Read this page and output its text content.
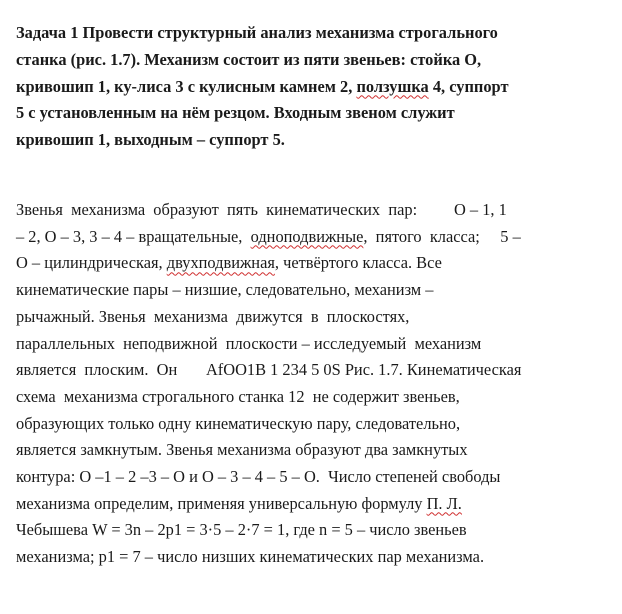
Задача 1 Провести структурный анализ механизма строгального
станка (рис. 1.7). Механизм состоит из пяти звеньев: стойка О,
кривошип 1, ку-лиса 3 с кулисным камнем 2, ползушка 4, суппорт
5 с установленным на нём резцом. Входным звеном служит
кривошип 1, выходным – суппорт 5.
Звенья  механизма  образуют  пять  кинематических  пар:         О – 1, 1
– 2, О – 3, 3 – 4 – вращательные,  одноподвижные,  пятого  класса;     5 –
О – цилиндрическая, двухподвижная, четвёртого класса. Все
кинематические пары – низшие, следовательно, механизм –
рычажный. Звенья  механизма  движутся  в  плоскостях,
параллельных  неподвижной  плоскости – исследуемый  механизм
является  плоским.  Он       АfОО1В 1 234 5 0S Рис. 1.7. Кинематическая
схема  механизма строгального станка 12  не содержит звеньев,
образующих только одну кинематическую пару, следовательно,
является замкнутым. Звенья механизма образуют два замкнутых
контура: О –1 – 2 –3 – О и О – 3 – 4 – 5 – О.  Число степеней свободы
механизма определим, применяя универсальную формулу П. Л.
Чебышева W = 3n – 2p1 = 3·5 – 2·7 = 1, где n = 5 – число звеньев
механизма; p1 = 7 – число низших кинематических пар механизма.
